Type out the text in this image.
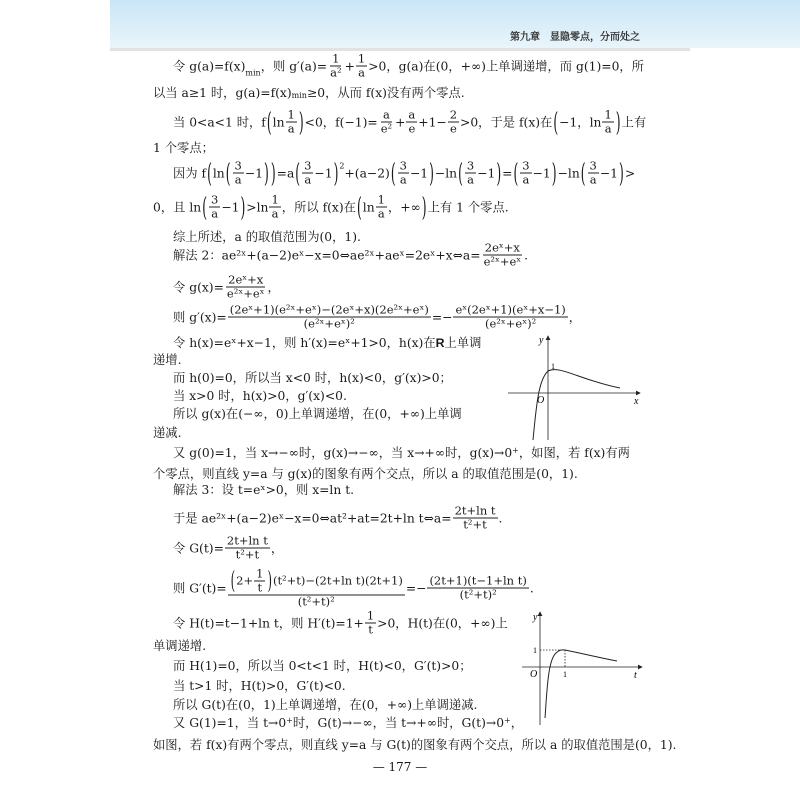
第九章　显隐零点，分而处之
令 g(a)=f(x) min ，则 $g'(a)= \frac{1}{\text{a²}} + \frac{1}{a} >0$，g(a)在(0，+∞)上单调递增，而 g(1)=0，所
以当 a≥1 时，g(a)=f(x) min ≥0，从而 f(x)没有两个零点.
当 0<a<1 时，f ( $\ln \frac{1}{a}$ ) <0，$f(-1)= \frac{a}{\text{e²}} + \frac{a}{e} +1- \frac{2}{e} >0$，于是 f(x)在 ( −1，$\ln \frac{1}{a}$ ) 上有
1 个零点；
因为 f ( ln ( $\frac{3}{a} -1$ ) ) =a ( $\frac{3}{a} -1$ ) 2 +(a−2) ( $\frac{3}{a} -1$ ) −ln ( $\frac{3}{a} -1$ ) = ( $\frac{3}{a} -1$ ) −ln ( $\frac{3}{a} -1$ ) >
0，且 ln ( $\frac{3}{a} -1$ ) $>\ln \frac{1}{a}$ ，所以 f(x)在 ( $\ln \frac{1}{a}$ ，+∞ ) 上有 1 个零点.
综上所述，a 的取值范围为(0，1).
解法 2：ae²ˣ+(a−2)eˣ−x=0⇔ae²ˣ+aeˣ=2eˣ+x⇔a= $\frac{\text{2eˣ+x}}{\text{e²ˣ+eˣ}}$ .
令 $g(x)= \frac{\text{2eˣ+x}}{\text{e²ˣ+eˣ}}$ ，
则 $g'(x)= \frac{\text{(2eˣ+1)(e²ˣ+eˣ)−(2eˣ+x)(2e²ˣ+eˣ)}}{\text{(e²ˣ+eˣ)²}} =- \frac{\text{eˣ(2eˣ+1)(eˣ+x−1)}}{\text{(e²ˣ+eˣ)²}}$ ，
令 h(x)=eˣ+x−1，则 h′(x)=eˣ+1>0，h(x)在 R 上单调
递增.
而 h(0)=0，所以当 x<0 时，h(x)<0，g′(x)>0；
当 x>0 时，h(x)>0，g′(x)<0.
所以 g(x)在(−∞，0)上单调递增，在(0，+∞)上单调
递减.
又 g(0)=1，当 x→−∞时，g(x)→−∞，当 x→+∞时，g(x)→0 + ，如图，若 f(x)有两
个零点，则直线 y=a 与 g(x)的图象有两个交点，所以 a 的取值范围是(0，1).
解法 3：设 t=eˣ>0，则 x=ln t.
于是 ae²ˣ+(a−2)eˣ−x=0⇔at²+at=2t+ln t⇔a= $\frac{\text{2t+ln t}}{\text{t²+t}}$ .
令 $G(t)= \frac{\text{2t+ln t}}{\text{t²+t}}$ ，
则 $G'(t)= \frac{( 2+ \frac{1}{t} ) (t^2+t)-(2t+\ln t)(2t+1)}{\text{(t²+t)²}} =- \frac{\text{(2t+1)(t−1+ln t)}}{\text{(t²+t)²}}$ .
令 H(t)=t−1+ln t，则 $H'(t)=1+ \frac{1}{t} >0$，H(t)在(0，+∞)上
单调递增.
而 H(1)=0，所以当 0<t<1 时，H(t)<0，G′(t)>0；
当 t>1 时，H(t)>0，G′(t)<0.
所以 G(t)在(0，1)上单调递增，在(0，+∞)上单调递减.
又 G(1)=1，当 t→0 + 时，G(t)→−∞，当 t→+∞时，G(t)→0 + ，
如图，若 f(x)有两个零点，则直线 y=a 与 G(t)的图象有两个交点，所以 a 的取值范围是(0，1).
y
x
O
1
y
t
O
1
1
— 177 —
